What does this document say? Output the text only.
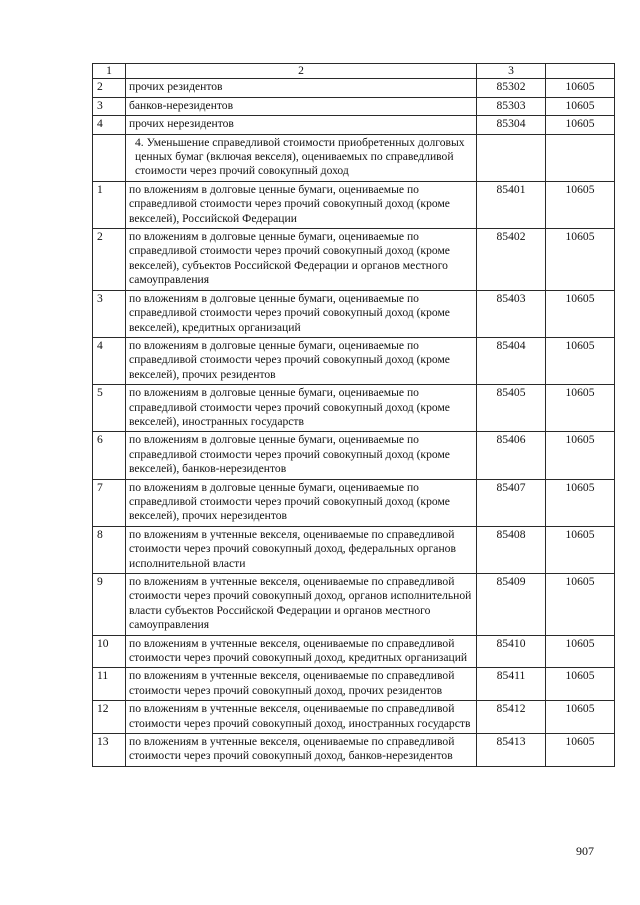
1	2	3	
2	прочих резидентов	85302	10605
3	банков-нерезидентов	85303	10605
4	прочих нерезидентов	85304	10605
	4. Уменьшение справедливой стоимости приобретенных долговых ценных бумаг (включая векселя), оцениваемых по справедливой стоимости через прочий совокупный доход		
1	по вложениям в долговые ценные бумаги, оцениваемые по справедливой стоимости через прочий совокупный доход (кроме векселей), Российской Федерации	85401	10605
2	по вложениям в долговые ценные бумаги, оцениваемые по справедливой стоимости через прочий совокупный доход (кроме векселей), субъектов Российской Федерации и органов местного самоуправления	85402	10605
3	по вложениям в долговые ценные бумаги, оцениваемые по справедливой стоимости через прочий совокупный доход (кроме векселей), кредитных организаций	85403	10605
4	по вложениям в долговые ценные бумаги, оцениваемые по справедливой стоимости через прочий совокупный доход (кроме векселей), прочих резидентов	85404	10605
5	по вложениям в долговые ценные бумаги, оцениваемые по справедливой стоимости через прочий совокупный доход (кроме векселей), иностранных государств	85405	10605
6	по вложениям в долговые ценные бумаги, оцениваемые по справедливой стоимости через прочий совокупный доход (кроме векселей), банков-нерезидентов	85406	10605
7	по вложениям в долговые ценные бумаги, оцениваемые по справедливой стоимости через прочий совокупный доход (кроме векселей), прочих нерезидентов	85407	10605
8	по вложениям в учтенные векселя, оцениваемые по справедливой стоимости через прочий совокупный доход, федеральных органов исполнительной власти	85408	10605
9	по вложениям в учтенные векселя, оцениваемые по справедливой стоимости через прочий совокупный доход, органов исполнительной власти субъектов Российской Федерации и органов местного самоуправления	85409	10605
10	по вложениям в учтенные векселя, оцениваемые по справедливой стоимости через прочий совокупный доход, кредитных организаций	85410	10605
11	по вложениям в учтенные векселя, оцениваемые по справедливой стоимости через прочий совокупный доход, прочих резидентов	85411	10605
12	по вложениям в учтенные векселя, оцениваемые по справедливой стоимости через прочий совокупный доход, иностранных государств	85412	10605
13	по вложениям в учтенные векселя, оцениваемые по справедливой стоимости через прочий совокупный доход, банков-нерезидентов	85413	10605
907
